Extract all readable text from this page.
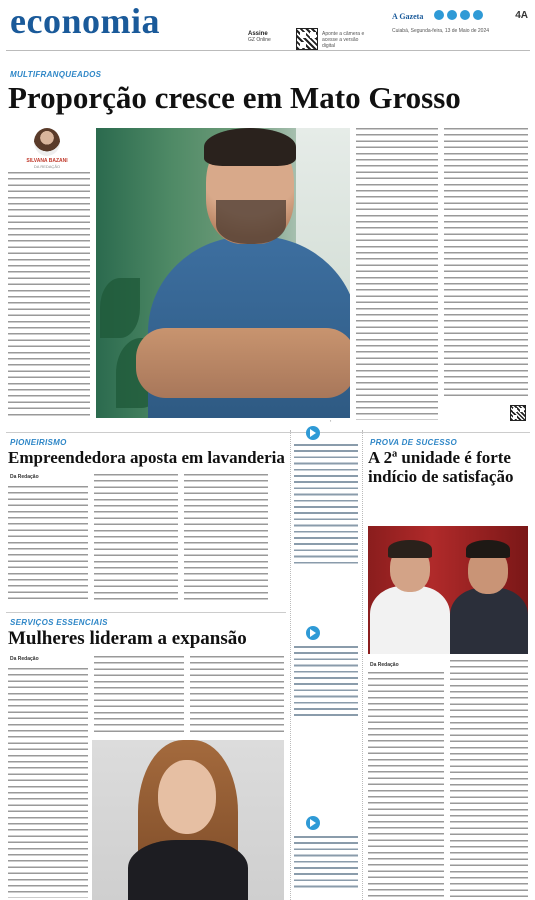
economia	Assine
GZ Online
Aponte a câmera e acesse a versão digital
A Gazeta	4A
Cuiabá, Segunda-feira, 13 de Maio de 2024
MULTIFRANQUEADOS
Proporção cresce em Mato Grosso
SILVANA BAZANI
DA REDAÇÃO
▪
PIONEIRISMO
Empreendedora aposta em lavanderia
Da Redação
PROVA DE SUCESSO
A 2ª unidade é forte indício de satisfação
Da Redação
SERVIÇOS ESSENCIAIS
Mulheres lideram a expansão
Da Redação
